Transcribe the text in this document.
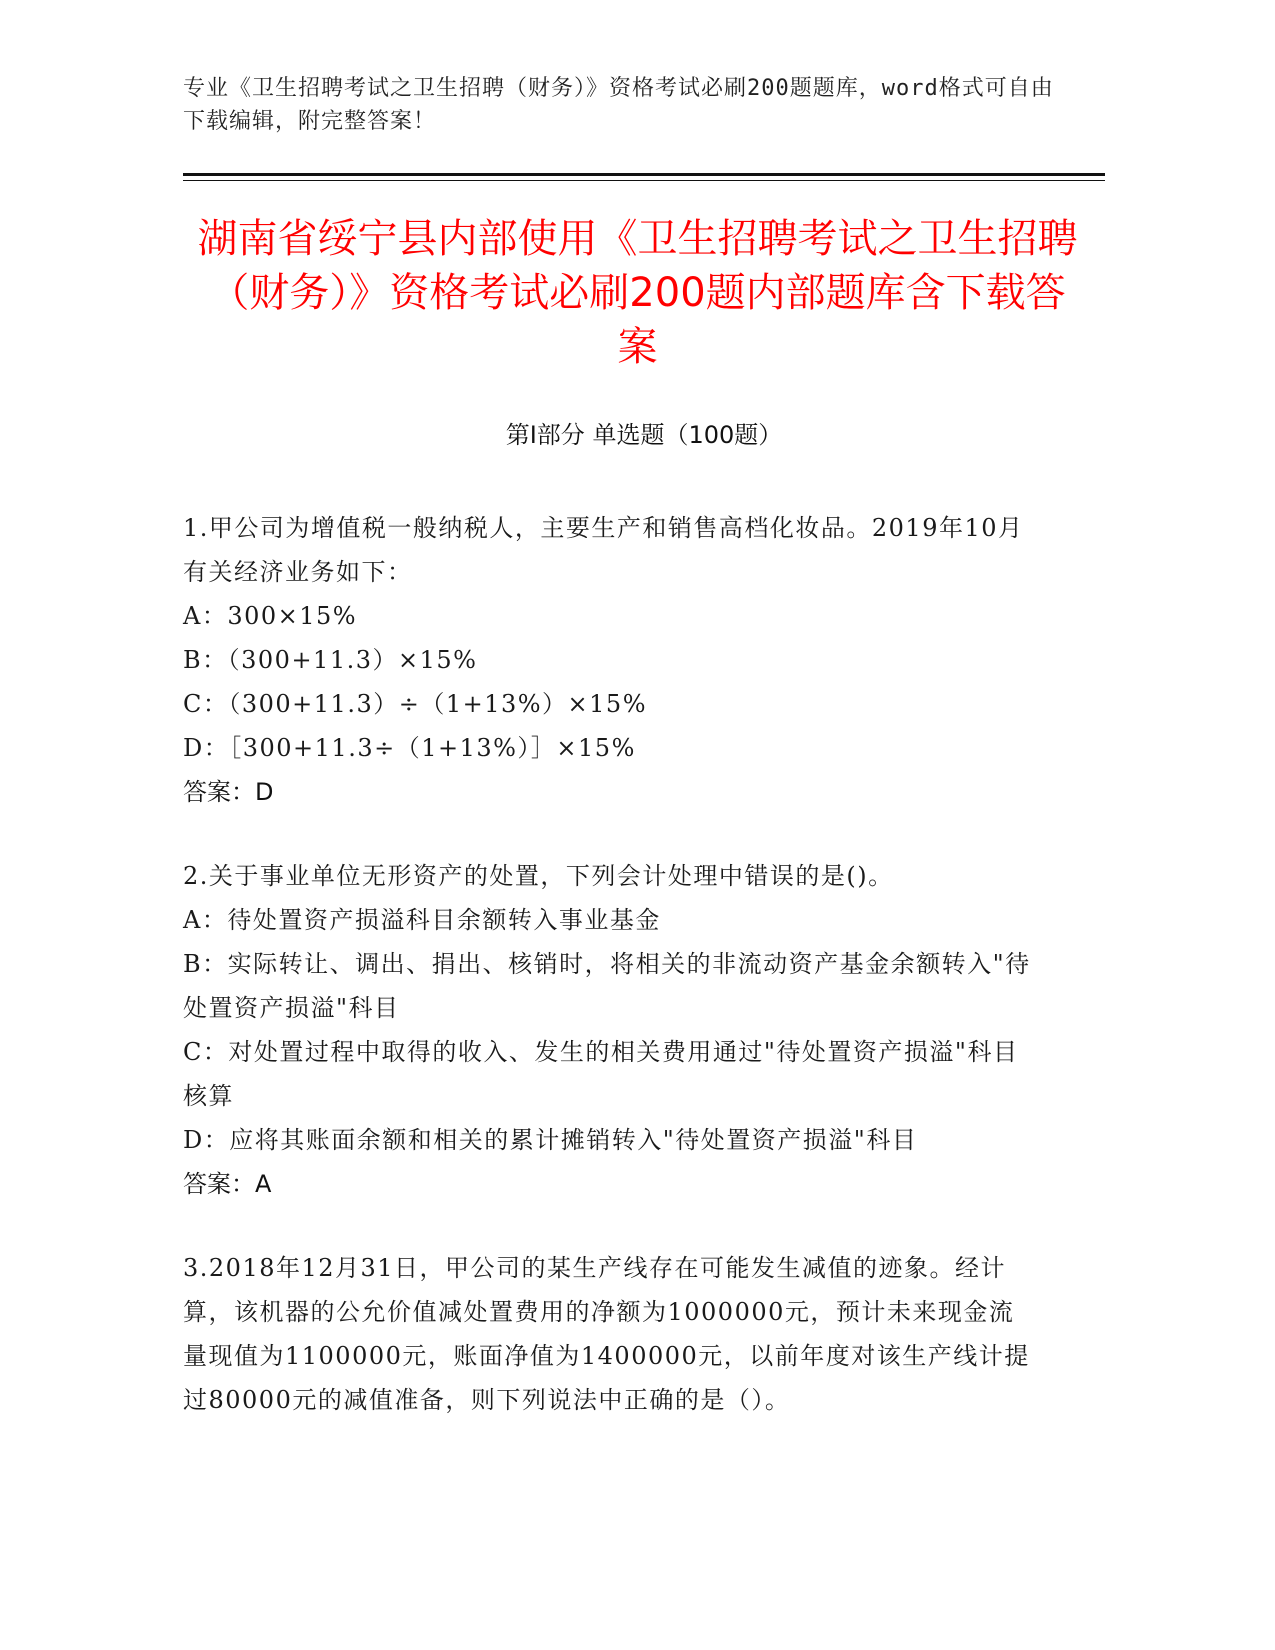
专业《卫生招聘考试之卫生招聘（财务）》资格考试必刷200题题库，word格式可自由下载编辑，附完整答案！
湖南省绥宁县内部使用《卫生招聘考试之卫生招聘（财务）》资格考试必刷200题内部题库含下载答案
第Ⅰ部分 单选题（100题）
1.甲公司为增值税一般纳税人，主要生产和销售高档化妆品。2019年10月有关经济业务如下：
A：300×15%
B：（300+11.3）×15%
C：（300+11.3）÷（1+13%）×15%
D：［300+11.3÷（1+13%）］×15%
答案：D
2.关于事业单位无形资产的处置，下列会计处理中错误的是()。
A：待处置资产损溢科目余额转入事业基金
B：实际转让、调出、捐出、核销时，将相关的非流动资产基金余额转入"待处置资产损溢"科目
C：对处置过程中取得的收入、发生的相关费用通过"待处置资产损溢"科目核算
D：应将其账面余额和相关的累计摊销转入"待处置资产损溢"科目
答案：A
3.2018年12月31日，甲公司的某生产线存在可能发生减值的迹象。经计算，该机器的公允价值减处置费用的净额为1000000元，预计未来现金流量现值为1100000元，账面净值为1400000元，以前年度对该生产线计提过80000元的减值准备，则下列说法中正确的是（）。
